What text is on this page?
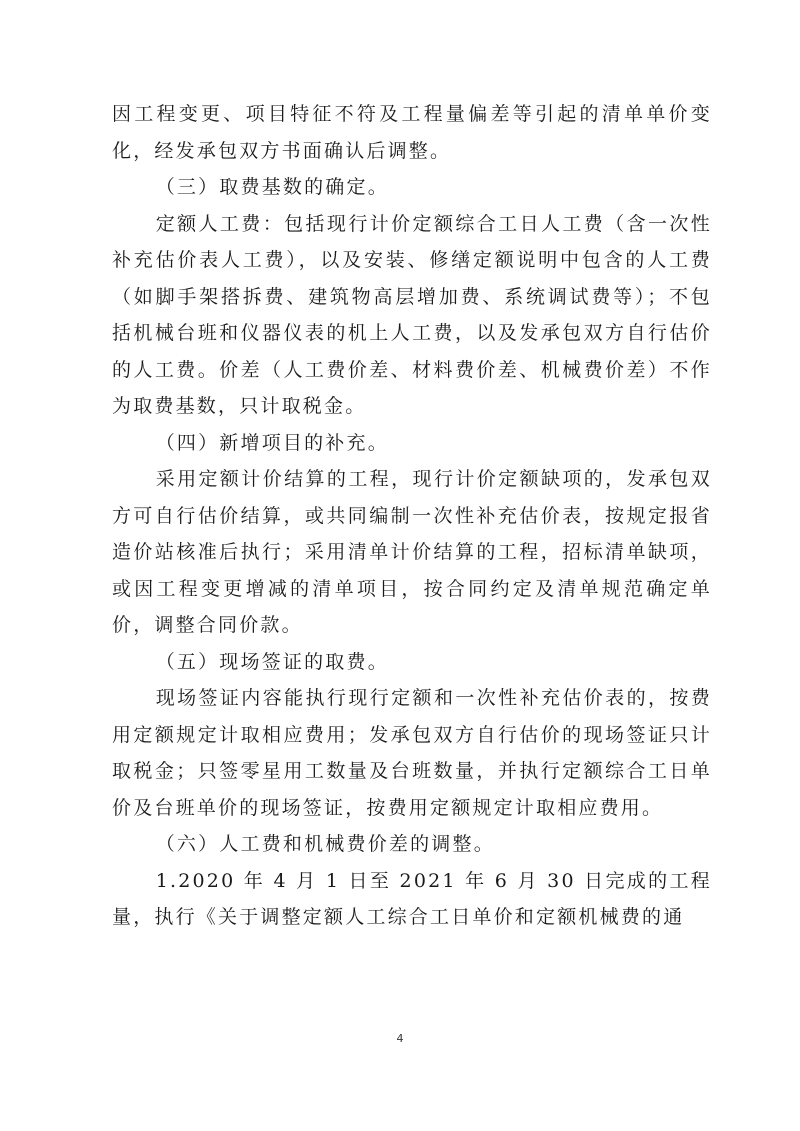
因工程变更、项目特征不符及工程量偏差等引起的清单单价变化，经发承包双方书面确认后调整。

（三）取费基数的确定。

定额人工费：包括现行计价定额综合工日人工费（含一次性补充估价表人工费），以及安装、修缮定额说明中包含的人工费（如脚手架搭拆费、建筑物高层增加费、系统调试费等）；不包括机械台班和仪器仪表的机上人工费，以及发承包双方自行估价的人工费。价差（人工费价差、材料费价差、机械费价差）不作为取费基数，只计取税金。

（四）新增项目的补充。

采用定额计价结算的工程，现行计价定额缺项的，发承包双方可自行估价结算，或共同编制一次性补充估价表，按规定报省造价站核准后执行；采用清单计价结算的工程，招标清单缺项，或因工程变更增减的清单项目，按合同约定及清单规范确定单价，调整合同价款。

（五）现场签证的取费。

现场签证内容能执行现行定额和一次性补充估价表的，按费用定额规定计取相应费用；发承包双方自行估价的现场签证只计取税金；只签零星用工数量及台班数量，并执行定额综合工日单价及台班单价的现场签证，按费用定额规定计取相应费用。

（六）人工费和机械费价差的调整。

1.2020 年 4 月 1 日至 2021 年 6 月 30 日完成的工程量，执行《关于调整定额人工综合工日单价和定额机械费的通

4
